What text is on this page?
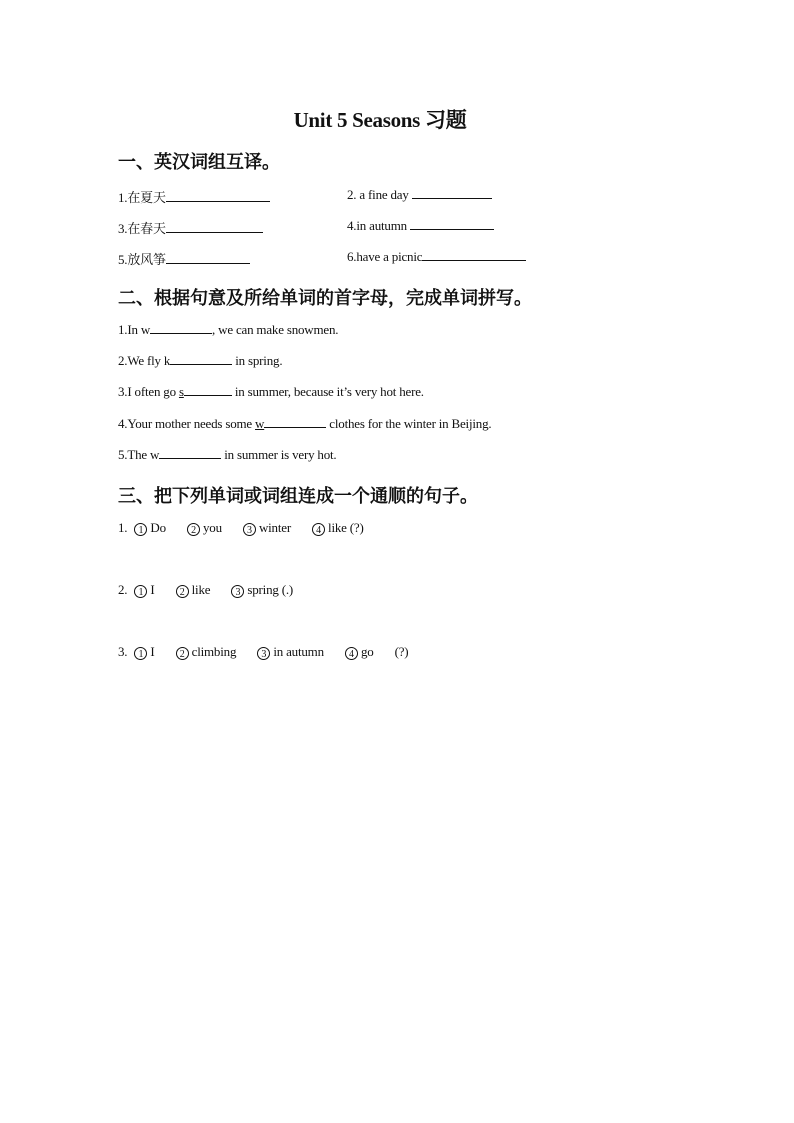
Unit 5 Seasons 习题
一、英汉词组互译。
1.在夏天	2. a fine day
3.在春天	4.in autumn
5.放风筝	6.have a picnic
二、根据句意及所给单词的首字母，完成单词拼写。
1.In w	, we can make snowmen.
2.We fly k	in spring.
3.I often go s	in summer, because it’s very hot here.
4.Your mother needs some w	clothes for the winter in Beijing.
5.The w	in summer is very hot.
三、把下列单词或词组连成一个通顺的句子。
1. 1 Do	2 you	3 winter	4 like (?)
2. 1 I	2 like	3 spring (.)
3. 1 I	2 climbing	3 in autumn	4 go (?)
